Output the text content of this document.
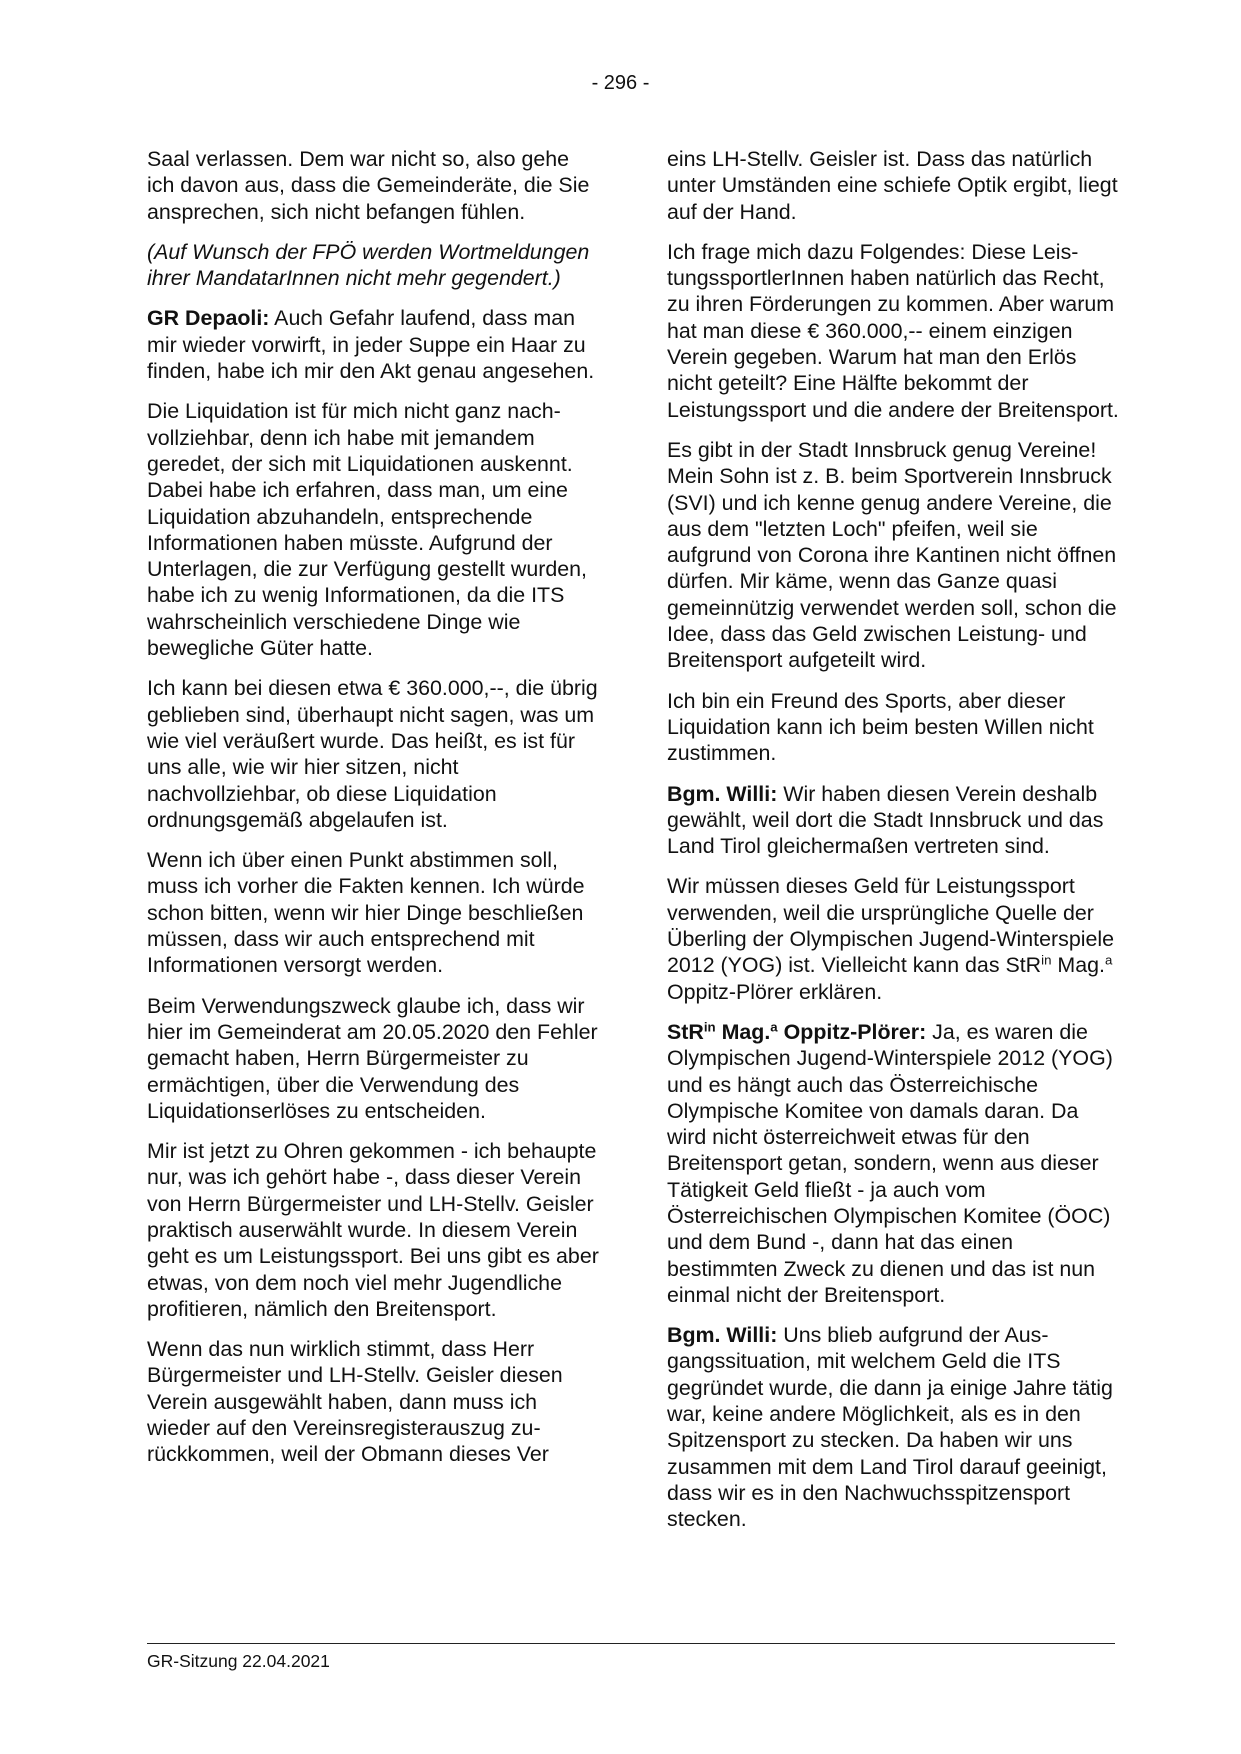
- 296 -

Saal verlassen. Dem war nicht so, also gehe ich davon aus, dass die Gemeinderäte, die Sie ansprechen, sich nicht befangen fühlen.

(Auf Wunsch der FPÖ werden Wortmeldungen ihrer MandatarInnen nicht mehr gegendert.)

GR Depaoli: Auch Gefahr laufend, dass man mir wieder vorwirft, in jeder Suppe ein Haar zu finden, habe ich mir den Akt genau angesehen.

Die Liquidation ist für mich nicht ganz nachvollziehbar, denn ich habe mit jemandem geredet, der sich mit Liquidationen auskennt. Dabei habe ich erfahren, dass man, um eine Liquidation abzuhandeln, entsprechende Informationen haben müsste. Aufgrund der Unterlagen, die zur Verfügung gestellt wurden, habe ich zu wenig Informationen, da die ITS wahrscheinlich verschiedene Dinge wie bewegliche Güter hatte.

Ich kann bei diesen etwa € 360.000,--, die übrig geblieben sind, überhaupt nicht sagen, was um wie viel veräußert wurde. Das heißt, es ist für uns alle, wie wir hier sitzen, nicht nachvollziehbar, ob diese Liquidation ordnungsgemäß abgelaufen ist.

Wenn ich über einen Punkt abstimmen soll, muss ich vorher die Fakten kennen. Ich würde schon bitten, wenn wir hier Dinge beschließen müssen, dass wir auch entsprechend mit Informationen versorgt werden.

Beim Verwendungszweck glaube ich, dass wir hier im Gemeinderat am 20.05.2020 den Fehler gemacht haben, Herrn Bürgermeister zu ermächtigen, über die Verwendung des Liquidationserlöses zu entscheiden.

Mir ist jetzt zu Ohren gekommen - ich behaupte nur, was ich gehört habe -, dass dieser Verein von Herrn Bürgermeister und LH-Stellv. Geisler praktisch auserwählt wurde. In diesem Verein geht es um Leistungssport. Bei uns gibt es aber etwas, von dem noch viel mehr Jugendliche profitieren, nämlich den Breitensport.

Wenn das nun wirklich stimmt, dass Herr Bürgermeister und LH-Stellv. Geisler diesen Verein ausgewählt haben, dann muss ich wieder auf den Vereinsregisterauszug zurückkommen, weil der Obmann dieses Ver

eins LH-Stellv. Geisler ist. Dass das natürlich unter Umständen eine schiefe Optik ergibt, liegt auf der Hand.

Ich frage mich dazu Folgendes: Diese LeistungssportlerInnen haben natürlich das Recht, zu ihren Förderungen zu kommen. Aber warum hat man diese € 360.000,-- einem einzigen Verein gegeben. Warum hat man den Erlös nicht geteilt? Eine Hälfte bekommt der Leistungssport und die andere der Breitensport.

Es gibt in der Stadt Innsbruck genug Vereine! Mein Sohn ist z. B. beim Sportverein Innsbruck (SVI) und ich kenne genug andere Vereine, die aus dem "letzten Loch" pfeifen, weil sie aufgrund von Corona ihre Kantinen nicht öffnen dürfen. Mir käme, wenn das Ganze quasi gemeinnützig verwendet werden soll, schon die Idee, dass das Geld zwischen Leistung- und Breitensport aufgeteilt wird.

Ich bin ein Freund des Sports, aber dieser Liquidation kann ich beim besten Willen nicht zustimmen.

Bgm. Willi: Wir haben diesen Verein deshalb gewählt, weil dort die Stadt Innsbruck und das Land Tirol gleichermaßen vertreten sind.

Wir müssen dieses Geld für Leistungssport verwenden, weil die ursprüngliche Quelle der Überling der Olympischen Jugend-Winterspiele 2012 (YOG) ist. Vielleicht kann das StR$^{in}$ Mag.$^a$ Oppitz-Plörer erklären.

StR$^{in}$ Mag.$^a$ Oppitz-Plörer: Ja, es waren die Olympischen Jugend-Winterspiele 2012 (YOG) und es hängt auch das Österreichische Olympische Komitee von damals daran. Da wird nicht österreichweit etwas für den Breitensport getan, sondern, wenn aus dieser Tätigkeit Geld fließt - ja auch vom Österreichischen Olympischen Komitee (ÖOC) und dem Bund -, dann hat das einen bestimmten Zweck zu dienen und das ist nun einmal nicht der Breitensport.

Bgm. Willi: Uns blieb aufgrund der Ausgangssituation, mit welchem Geld die ITS gegründet wurde, die dann ja einige Jahre tätig war, keine andere Möglichkeit, als es in den Spitzensport zu stecken. Da haben wir uns zusammen mit dem Land Tirol darauf geeinigt, dass wir es in den Nachwuchsspitzensport stecken.

GR-Sitzung 22.04.2021
